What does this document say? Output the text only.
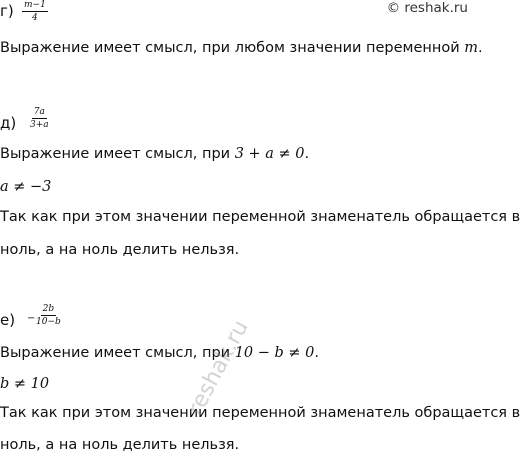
© reshak.ru
$г) \frac{m-1}{4}$
Выражение имеет смысл, при любом значении переменной m.
$д) \frac{7a}{3+a}$
Выражение имеет смысл, при 3 + a ≠ 0.
a ≠ −3
Так как при этом значении переменной знаменатель обращается в
ноль, а на ноль делить нельзя.
е) −
$\frac{2b}{10-b}$
Выражение имеет смысл, при 10 − b ≠ 0.
b ≠ 10
Так как при этом значении переменной знаменатель обращается в
ноль, а на ноль делить нельзя.
reshak.ru
